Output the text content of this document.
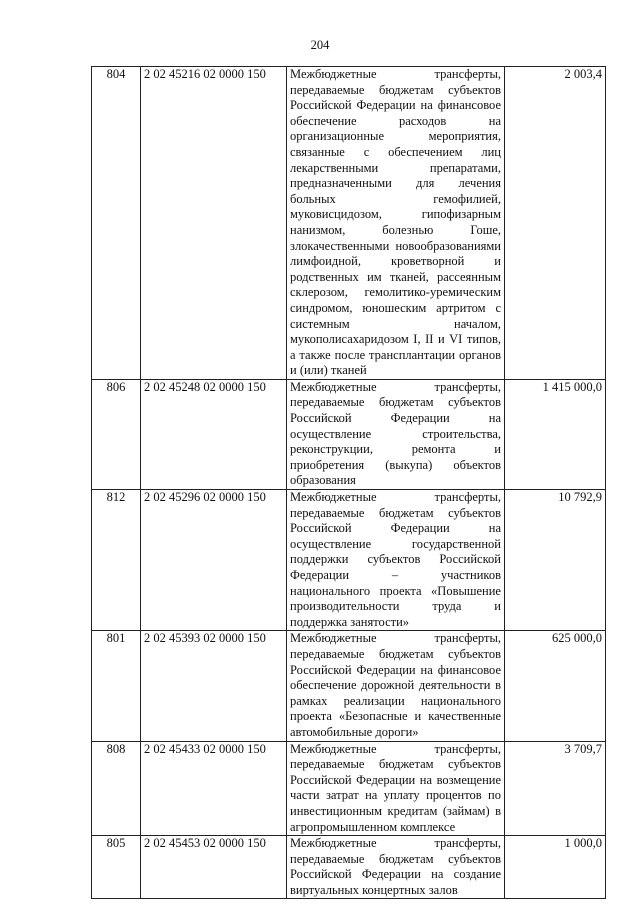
204
804	2 02 45216 02 0000 150	Межбюджетные трансферты, передаваемые бюджетам субъектов Российской Федерации на финансовое обеспечение расходов на организационные мероприятия, связанные с обеспечением лиц лекарственными препаратами, предназначенными для лечения больных гемофилией, муковисцидозом, гипофизарным нанизмом, болезнью Гоше, злокачественными новообразованиями лимфоидной, кроветворной и родственных им тканей, рассеянным склерозом, гемолитико-уремическим синдромом, юношеским артритом с системным началом, мукополисахаридозом I, II и VI типов, а также после трансплантации органов и (или) тканей	2 003,4
806	2 02 45248 02 0000 150	Межбюджетные трансферты, передаваемые бюджетам субъектов Российской Федерации на осуществление строительства, реконструкции, ремонта и приобретения (выкупа) объектов образования	1 415 000,0
812	2 02 45296 02 0000 150	Межбюджетные трансферты, передаваемые бюджетам субъектов Российской Федерации на осуществление государственной поддержки субъектов Российской Федерации – участников национального проекта «Повышение производительности труда и поддержка занятости»	10 792,9
801	2 02 45393 02 0000 150	Межбюджетные трансферты, передаваемые бюджетам субъектов Российской Федерации на финансовое обеспечение дорожной деятельности в рамках реализации национального проекта «Безопасные и качественные автомобильные дороги»	625 000,0
808	2 02 45433 02 0000 150	Межбюджетные трансферты, передаваемые бюджетам субъектов Российской Федерации на возмещение части затрат на уплату процентов по инвестиционным кредитам (займам) в агропромышленном комплексе	3 709,7
805	2 02 45453 02 0000 150	Межбюджетные трансферты, передаваемые бюджетам субъектов Российской Федерации на создание виртуальных концертных залов	1 000,0
